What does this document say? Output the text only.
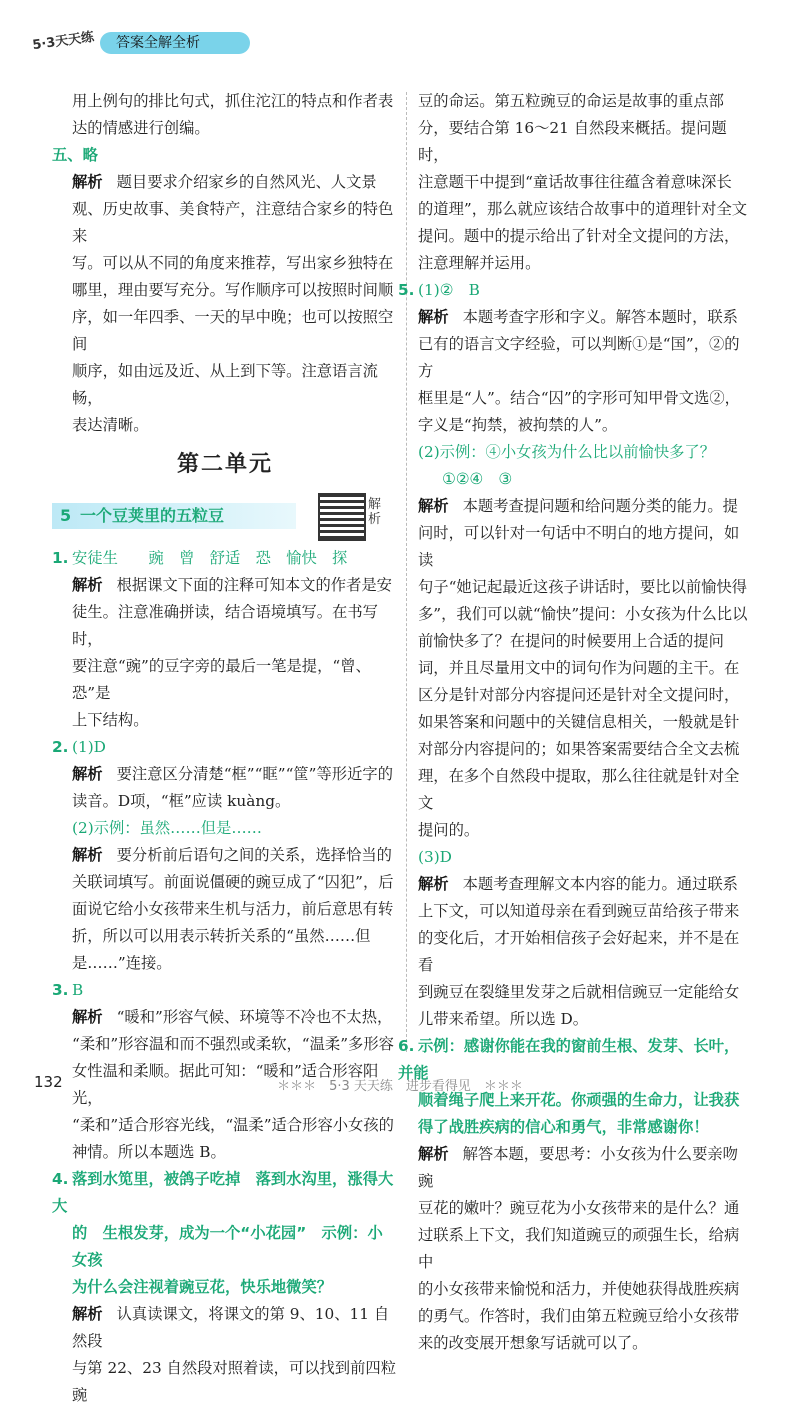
5·3天天练 答案全解全析

用上例句的排比句式，抓住沱江的特点和作者表

达的情感进行创编。

五、略

解析 题目要求介绍家乡的自然风光、人文景

观、历史故事、美食特产，注意结合家乡的特色来

写。可以从不同的角度来推荐，写出家乡独特在

哪里，理由要写充分。写作顺序可以按照时间顺

序，如一年四季、一天的早中晚；也可以按照空间

顺序，如由远及近、从上到下等。注意语言流畅，

表达清晰。

第二单元
5 一个豆荚里的五粒豆
解析

1. 安徒生　　豌　曾　舒适　恐　愉快　探

解析 根据课文下面的注释可知本文的作者是安

徒生。注意准确拼读，结合语境填写。在书写时，

要注意“豌”的豆字旁的最后一笔是提，“曾、恐”是

上下结构。

2. (1)D

解析 要注意区分清楚“框”“眶”“筐”等形近字的

读音。D项，“框”应读 kuàng。

(2)示例：虽然……但是……

解析 要分析前后语句之间的关系，选择恰当的

关联词填写。前面说僵硬的豌豆成了“囚犯”，后

面说它给小女孩带来生机与活力，前后意思有转

折，所以可以用表示转折关系的“虽然……但

是……”连接。

3. B

解析 “暖和”形容气候、环境等不冷也不太热，

“柔和”形容温和而不强烈或柔软，“温柔”多形容

女性温和柔顺。据此可知：“暖和”适合形容阳光，

“柔和”适合形容光线，“温柔”适合形容小女孩的

神情。所以本题选 B。

4. 落到水笕里，被鸽子吃掉　落到水沟里，涨得大大

的　生根发芽，成为一个“小花园”　示例：小女孩

为什么会注视着豌豆花，快乐地微笑？

解析 认真读课文，将课文的第 9、10、11 自然段

与第 22、23 自然段对照着读，可以找到前四粒豌

豆的命运。第五粒豌豆的命运是故事的重点部

分，要结合第 16～21 自然段来概括。提问题时，

注意题干中提到“童话故事往往蕴含着意味深长

的道理”，那么就应该结合故事中的道理针对全文

提问。题中的提示给出了针对全文提问的方法，

注意理解并运用。

5. (1)②　B

解析 本题考查字形和字义。解答本题时，联系

已有的语言文字经验，可以判断①是“国”，②的方

框里是“人”。结合“囚”的字形可知甲骨文选②，

字义是“拘禁，被拘禁的人”。

(2)示例：④小女孩为什么比以前愉快多了？

①②④　③

解析 本题考查提问题和给问题分类的能力。提

问时，可以针对一句话中不明白的地方提问，如读

句子“她记起最近这孩子讲话时，要比以前愉快得

多”，我们可以就“愉快”提问：小女孩为什么比以

前愉快多了？在提问的时候要用上合适的提问

词，并且尽量用文中的词句作为问题的主干。在

区分是针对部分内容提问还是针对全文提问时，

如果答案和问题中的关键信息相关，一般就是针

对部分内容提问的；如果答案需要结合全文去梳

理，在多个自然段中提取，那么往往就是针对全文

提问的。

(3)D

解析 本题考查理解文本内容的能力。通过联系

上下文，可以知道母亲在看到豌豆苗给孩子带来

的变化后，才开始相信孩子会好起来，并不是在看

到豌豆在裂缝里发芽之后就相信豌豆一定能给女

儿带来希望。所以选 D。

6. 示例：感谢你能在我的窗前生根、发芽、长叶，并能

顺着绳子爬上来开花。你顽强的生命力，让我获

得了战胜疾病的信心和勇气，非常感谢你！

解析 解答本题，要思考：小女孩为什么要亲吻豌

豆花的嫩叶？豌豆花为小女孩带来的是什么？通

过联系上下文，我们知道豌豆的顽强生长，给病中

的小女孩带来愉悦和活力，并使她获得战胜疾病

的勇气。作答时，我们由第五粒豌豆给小女孩带

来的改变展开想象写话就可以了。

132	＊＊＊　5·3 天天练　进步看得见　＊＊＊
